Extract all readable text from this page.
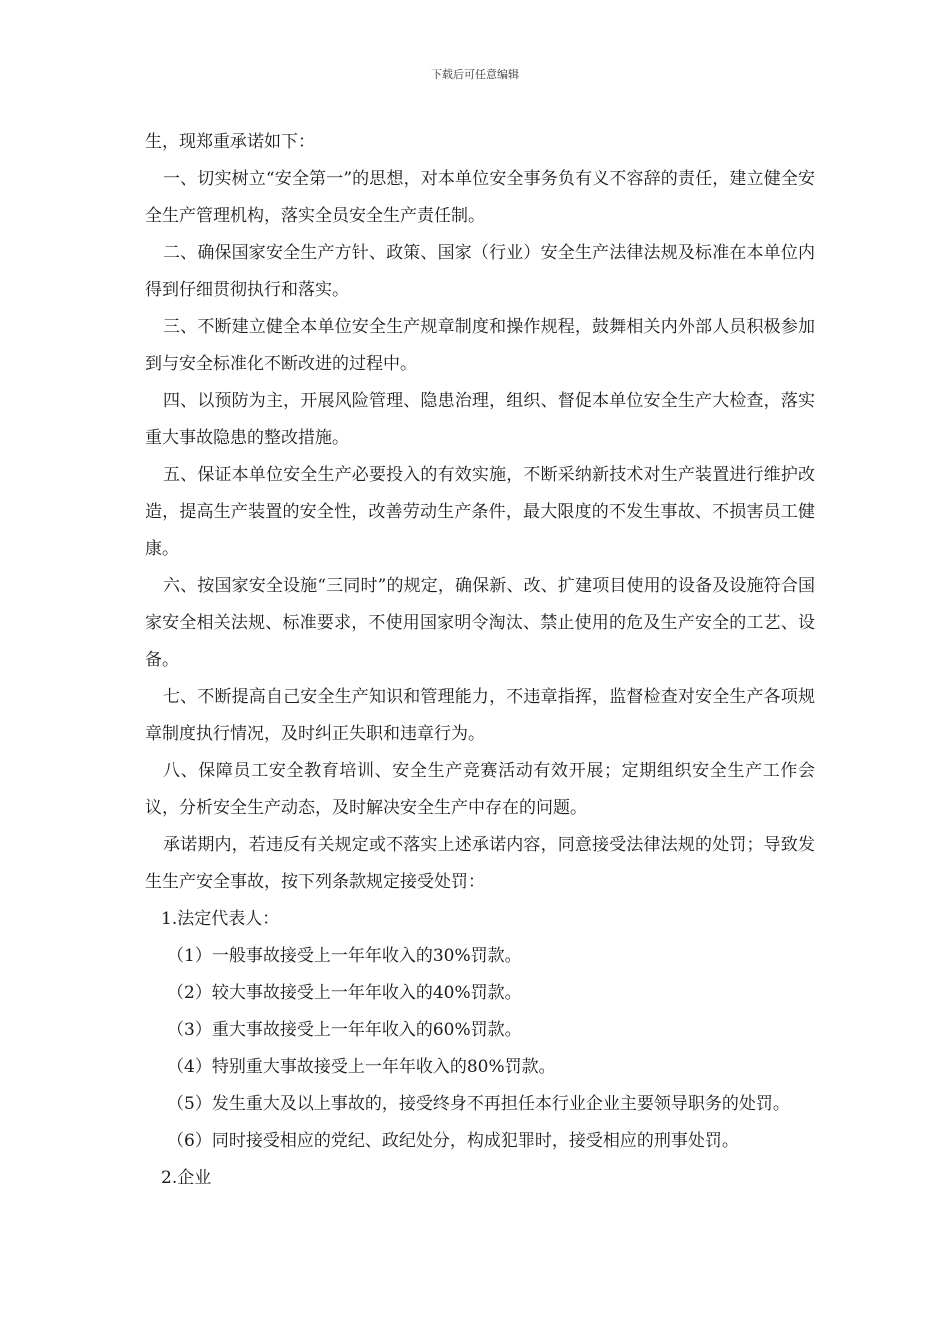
下载后可任意编辑

生，现郑重承诺如下：

一、切实树立“安全第一”的思想，对本单位安全事务负有义不容辞的责任，建立健全安全生产管理机构，落实全员安全生产责任制。

二、确保国家安全生产方针、政策、国家（行业）安全生产法律法规及标准在本单位内得到仔细贯彻执行和落实。

三、不断建立健全本单位安全生产规章制度和操作规程，鼓舞相关内外部人员积极参加到与安全标准化不断改进的过程中。

四、以预防为主，开展风险管理、隐患治理，组织、督促本单位安全生产大检查，落实重大事故隐患的整改措施。

五、保证本单位安全生产必要投入的有效实施，不断采纳新技术对生产装置进行维护改造，提高生产装置的安全性，改善劳动生产条件，最大限度的不发生事故、不损害员工健康。

六、按国家安全设施“三同时”的规定，确保新、改、扩建项目使用的设备及设施符合国家安全相关法规、标准要求，不使用国家明令淘汰、禁止使用的危及生产安全的工艺、设备。

七、不断提高自己安全生产知识和管理能力，不违章指挥，监督检查对安全生产各项规章制度执行情况，及时纠正失职和违章行为。

八、保障员工安全教育培训、安全生产竞赛活动有效开展；定期组织安全生产工作会议，分析安全生产动态，及时解决安全生产中存在的问题。

承诺期内，若违反有关规定或不落实上述承诺内容，同意接受法律法规的处罚；导致发生生产安全事故，按下列条款规定接受处罚：

1.法定代表人：

（1）一般事故接受上一年年收入的30%罚款。

（2）较大事故接受上一年年收入的40%罚款。

（3）重大事故接受上一年年收入的60%罚款。

（4）特别重大事故接受上一年年收入的80%罚款。

（5）发生重大及以上事故的，接受终身不再担任本行业企业主要领导职务的处罚。

（6）同时接受相应的党纪、政纪处分，构成犯罪时，接受相应的刑事处罚。

2.企业
